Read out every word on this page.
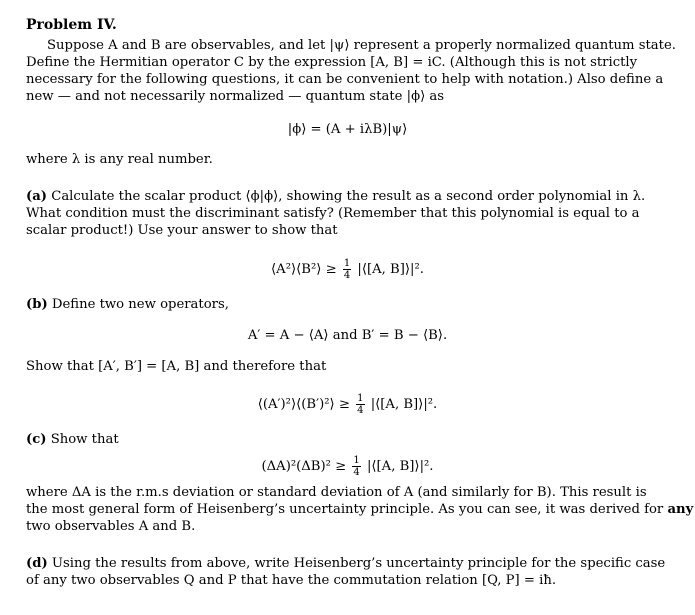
Problem IV.
Suppose A and B are observables, and let |ψ⟩ represent a properly normalized quantum state.
Define the Hermitian operator C by the expression [A, B] = iC. (Although this is not strictly
necessary for the following questions, it can be convenient to help with notation.) Also define a
new — and not necessarily normalized — quantum state |ϕ⟩ as
|ϕ⟩ = (A + iλB)|ψ⟩
where λ is any real number.
(a) Calculate the scalar product ⟨ϕ|ϕ⟩, showing the result as a second order polynomial in λ.
What condition must the discriminant satisfy? (Remember that this polynomial is equal to a
scalar product!) Use your answer to show that
⟨A²⟩⟨B²⟩ ≥ $\frac{1}{4}$ |⟨[A, B]⟩|².
(b) Define two new operators,
A′ = A − ⟨A⟩ and B′ = B − ⟨B⟩.
Show that [A′, B′] = [A, B] and therefore that
⟨(A′)²⟩⟨(B′)²⟩ ≥ $\frac{1}{4}$ |⟨[A, B]⟩|².
(c) Show that
$(\Delta A)^2(\Delta B)^2 \ge \frac{1}{4}$ |⟨[A, B]⟩|².
where ΔA is the r.m.s deviation or standard deviation of A (and similarly for B). This result is
the most general form of Heisenberg’s uncertainty principle. As you can see, it was derived for any
two observables A and B.
(d) Using the results from above, write Heisenberg’s uncertainty principle for the specific case
of any two observables Q and P that have the commutation relation [Q, P] = iħ.
